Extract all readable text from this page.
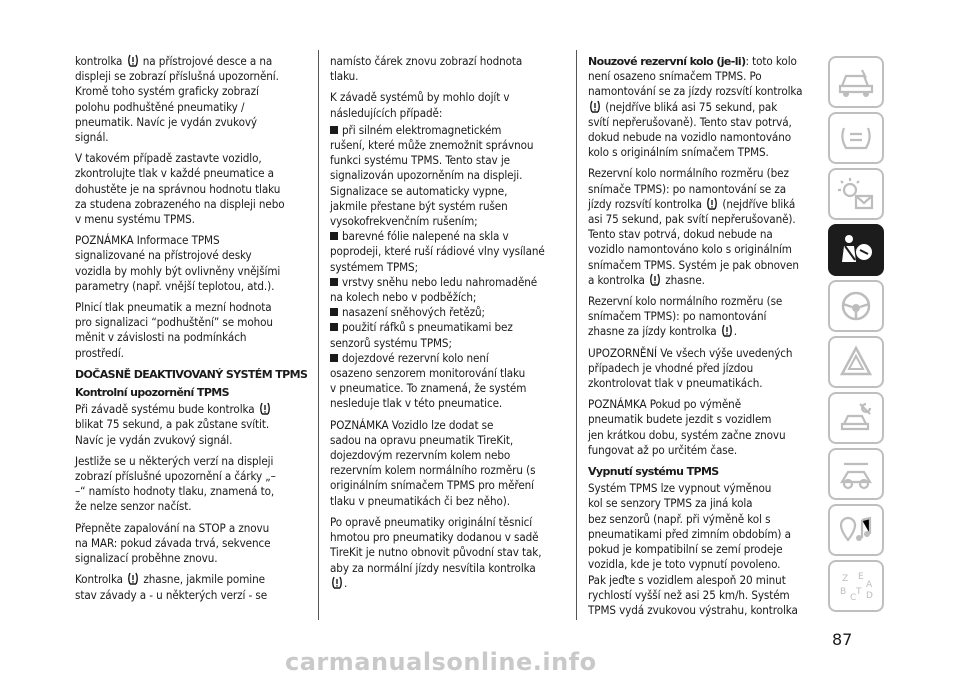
kontrolka na přístrojové desce a na
displeji se zobrazí příslušná upozornění.
Kromě toho systém graficky zobrazí
polohu podhuštěné pneumatiky /
pneumatik. Navíc je vydán zvukový
signál.

V takovém případě zastavte vozidlo,
zkontrolujte tlak v každé pneumatice a
dohustěte je na správnou hodnotu tlaku
za studena zobrazeného na displeji nebo
v menu systému TPMS.

POZNÁMKA Informace TPMS
signalizované na přístrojové desky
vozidla by mohly být ovlivněny vnějšími
parametry (např. vnější teplotou, atd.).

Plnicí tlak pneumatik a mezní hodnota
pro signalizaci “podhuštění” se mohou
měnit v závislosti na podmínkách
prostředí.

DOČASNĚ DEAKTIVOVANÝ SYSTÉM TPMS

Kontrolní upozornění TPMS

Při závadě systému bude kontrolka
blikat 75 sekund, a pak zůstane svítit.
Navíc je vydán zvukový signál.

Jestliže se u některých verzí na displeji
zobrazí příslušné upozornění a čárky „–
–“ namísto hodnoty tlaku, znamená to,
že nelze senzor načíst.

Přepněte zapalování na STOP a znovu
na MAR: pokud závada trvá, sekvence
signalizací proběhne znovu.

Kontrolka zhasne, jakmile pomine
stav závady a - u některých verzí - se

namísto čárek znovu zobrazí hodnota
tlaku.

K závadě systémů by mohlo dojít v
následujících případě:

při silném elektromagnetickém
rušení, které může znemožnit správnou
funkci systému TPMS. Tento stav je
signalizován upozorněním na displeji.
Signalizace se automaticky vypne,
jakmile přestane být systém rušen
vysokofrekvenčním rušením;
barevné fólie nalepené na skla v
poprodeji, které ruší rádiové vlny vysílané
systémem TPMS;
vrstvy sněhu nebo ledu nahromaděné
na kolech nebo v podběžích;
nasazení sněhových řetězů;
použití ráfků s pneumatikami bez
senzorů systému TPMS;
dojezdové rezervní kolo není
osazeno senzorem monitorování tlaku
v pneumatice. To znamená, že systém
nesleduje tlak v této pneumatice.

POZNÁMKA Vozidlo lze dodat se
sadou na opravu pneumatik TireKit,
dojezdovým rezervním kolem nebo
rezervním kolem normálního rozměru (s
originálním snímačem TPMS pro měření
tlaku v pneumatikách či bez něho).

Po opravě pneumatiky originální těsnicí
hmotou pro pneumatiky dodanou v sadě
TireKit je nutno obnovit původní stav tak,
aby za normální jízdy nesvítila kontrolka
.

Nouzové rezervní kolo (je-li): toto kolo
není osazeno snímačem TPMS. Po
namontování se za jízdy rozsvítí kontrolka
(nejdříve bliká asi 75 sekund, pak
svítí nepřerušovaně). Tento stav potrvá,
dokud nebude na vozidlo namontováno
kolo s originálním snímačem TPMS.

Rezervní kolo normálního rozměru (bez
snímače TPMS): po namontování se za
jízdy rozsvítí kontrolka (nejdříve bliká
asi 75 sekund, pak svítí nepřerušovaně).
Tento stav potrvá, dokud nebude na
vozidlo namontováno kolo s originálním
snímačem TPMS. Systém je pak obnoven
a kontrolka zhasne.

Rezervní kolo normálního rozměru (se
snímačem TPMS): po namontování
zhasne za jízdy kontrolka .

UPOZORNĚNÍ Ve všech výše uvedených
případech je vhodné před jízdou
zkontrolovat tlak v pneumatikách.

POZNÁMKA Pokud po výměně
pneumatik budete jezdit s vozidlem
jen krátkou dobu, systém začne znovu
fungovat až po určitém čase.

Vypnutí systému TPMS

Systém TPMS lze vypnout výměnou
kol se senzory TPMS za jiná kola
bez senzorů (např. při výměně kol s
pneumatikami před zimním obdobím) a
pokud je kompatibilní se zemí prodeje
vozidla, kde je toto vypnutí povoleno.
Pak jeďte s vozidlem alespoň 20 minut
rychlostí vyšší než asi 25 km/h. Systém
TPMS vydá zvukovou výstrahu, kontrolka

Z E
B
C
T D
A
87
carmanualsonline.info
